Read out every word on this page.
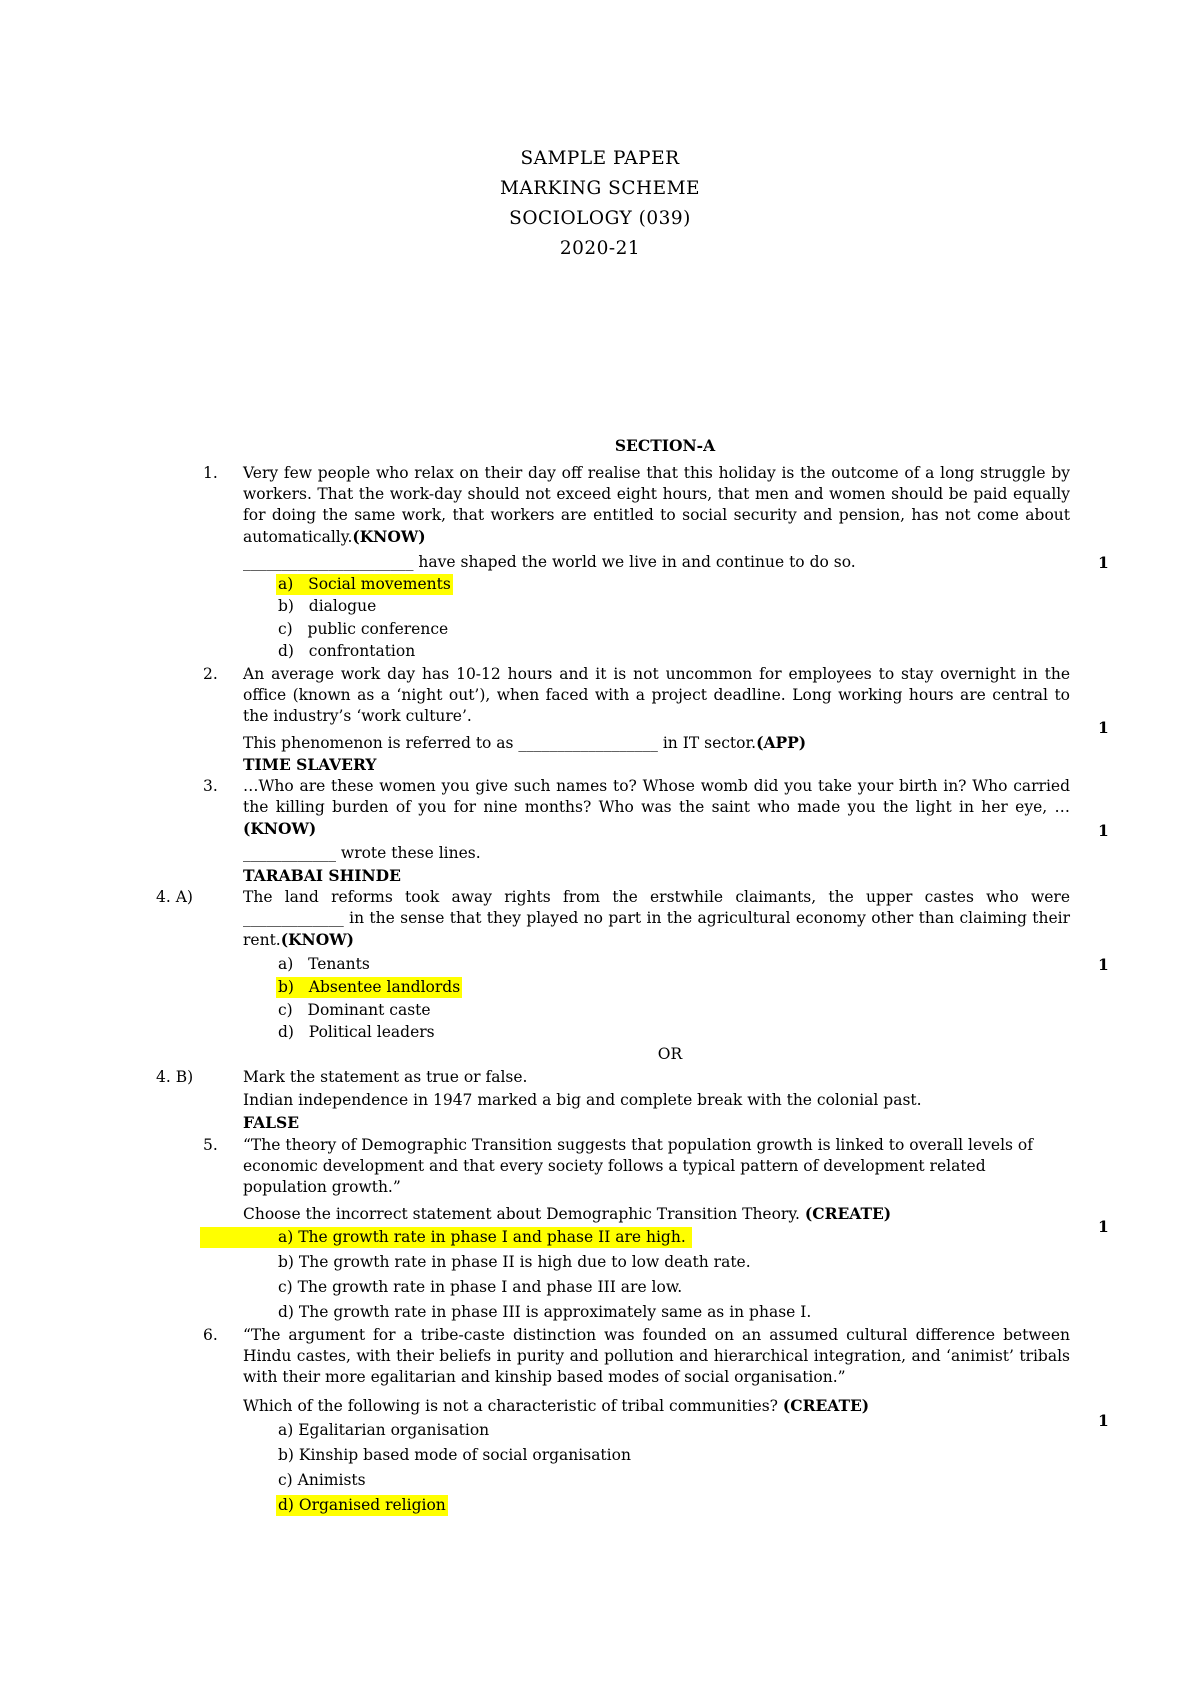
SAMPLE PAPER
MARKING SCHEME
SOCIOLOGY (039)
2020-21
SECTION-A
1. Very few people who relax on their day off realise that this holiday is the outcome of a long struggle by workers. That the work-day should not exceed eight hours, that men and women should be paid equally for doing the same work, that workers are entitled to social security and pension, has not come about automatically.(KNOW)
______________________ have shaped the world we live in and continue to do so.	1
a) Social movements
b) dialogue
c) public conference
d) confrontation
2. An average work day has 10-12 hours and it is not uncommon for employees to stay overnight in the office (known as a ‘night out’), when faced with a project deadline. Long working hours are central to the industry’s ‘work culture’.
1
This phenomenon is referred to as __________________ in IT sector.(APP)
TIME SLAVERY
3. …Who are these women you give such names to? Whose womb did you take your birth in? Who carried the killing burden of you for nine months? Who was the saint who made you the light in her eye, …(KNOW)	1
____________ wrote these lines.
TARABAI SHINDE
4. A)	The land reforms took away rights from the erstwhile claimants, the upper castes who were _____________ in the sense that they played no part in the agricultural economy other than claiming their rent.(KNOW)
1
a) Tenants
b) Absentee landlords
c) Dominant caste
d) Political leaders
OR
4. B)	Mark the statement as true or false.
Indian independence in 1947 marked a big and complete break with the colonial past.
FALSE
5. “The theory of Demographic Transition suggests that population growth is linked to overall levels of economic development and that every society follows a typical pattern of development related population growth.”
Choose the incorrect statement about Demographic Transition Theory. (CREATE)
1
a) The growth rate in phase I and phase II are high.
b) The growth rate in phase II is high due to low death rate.
c) The growth rate in phase I and phase III are low.
d) The growth rate in phase III is approximately same as in phase I.
6. “The argument for a tribe-caste distinction was founded on an assumed cultural difference between Hindu castes, with their beliefs in purity and pollution and hierarchical integration, and ‘animist’ tribals with their more egalitarian and kinship based modes of social organisation.”
Which of the following is not a characteristic of tribal communities? (CREATE)
1
a) Egalitarian organisation
b) Kinship based mode of social organisation
c) Animists
d) Organised religion
